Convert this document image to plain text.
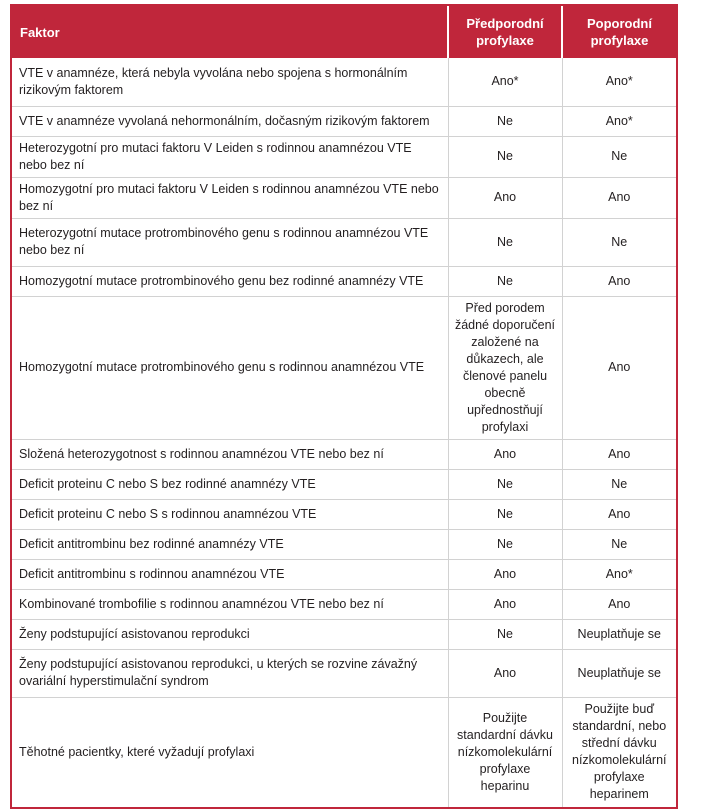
Faktor	Předporodní profylaxe	Poporodní profylaxe
VTE v anamnéze, která nebyla vyvolána nebo spojena s hormonálním rizikovým faktorem	Ano*	Ano*
VTE v anamnéze vyvolaná nehormonálním, dočasným rizikovým faktorem	Ne	Ano*
Heterozygotní pro mutaci faktoru V Leiden s rodinnou anamnézou VTE nebo bez ní	Ne	Ne
Homozygotní pro mutaci faktoru V Leiden s rodinnou anamnézou VTE nebo bez ní	Ano	Ano
Heterozygotní mutace protrombinového genu s rodinnou anamnézou VTE nebo bez ní	Ne	Ne
Homozygotní mutace protrombinového genu bez rodinné anamnézy VTE	Ne	Ano
Homozygotní mutace protrombinového genu s rodinnou anamnézou VTE	Před porodem žádné doporučení založené na důkazech, ale členové panelu obecně upřednostňují profylaxi	Ano
Složená heterozygotnost s rodinnou anamnézou VTE nebo bez ní	Ano	Ano
Deficit proteinu C nebo S bez rodinné anamnézy VTE	Ne	Ne
Deficit proteinu C nebo S s rodinnou anamnézou VTE	Ne	Ano
Deficit antitrombinu bez rodinné anamnézy VTE	Ne	Ne
Deficit antitrombinu s rodinnou anamnézou VTE	Ano	Ano*
Kombinované trombofilie s rodinnou anamnézou VTE nebo bez ní	Ano	Ano
Ženy podstupující asistovanou reprodukci	Ne	Neuplatňuje se
Ženy podstupující asistovanou reprodukci, u kterých se rozvine závažný ovariální hyperstimulační syndrom	Ano	Neuplatňuje se
Těhotné pacientky, které vyžadují profylaxi	Použijte standardní dávku nízkomolekulární profylaxe heparinu	Použijte buď standardní, nebo střední dávku nízkomolekulární profylaxe heparinem
